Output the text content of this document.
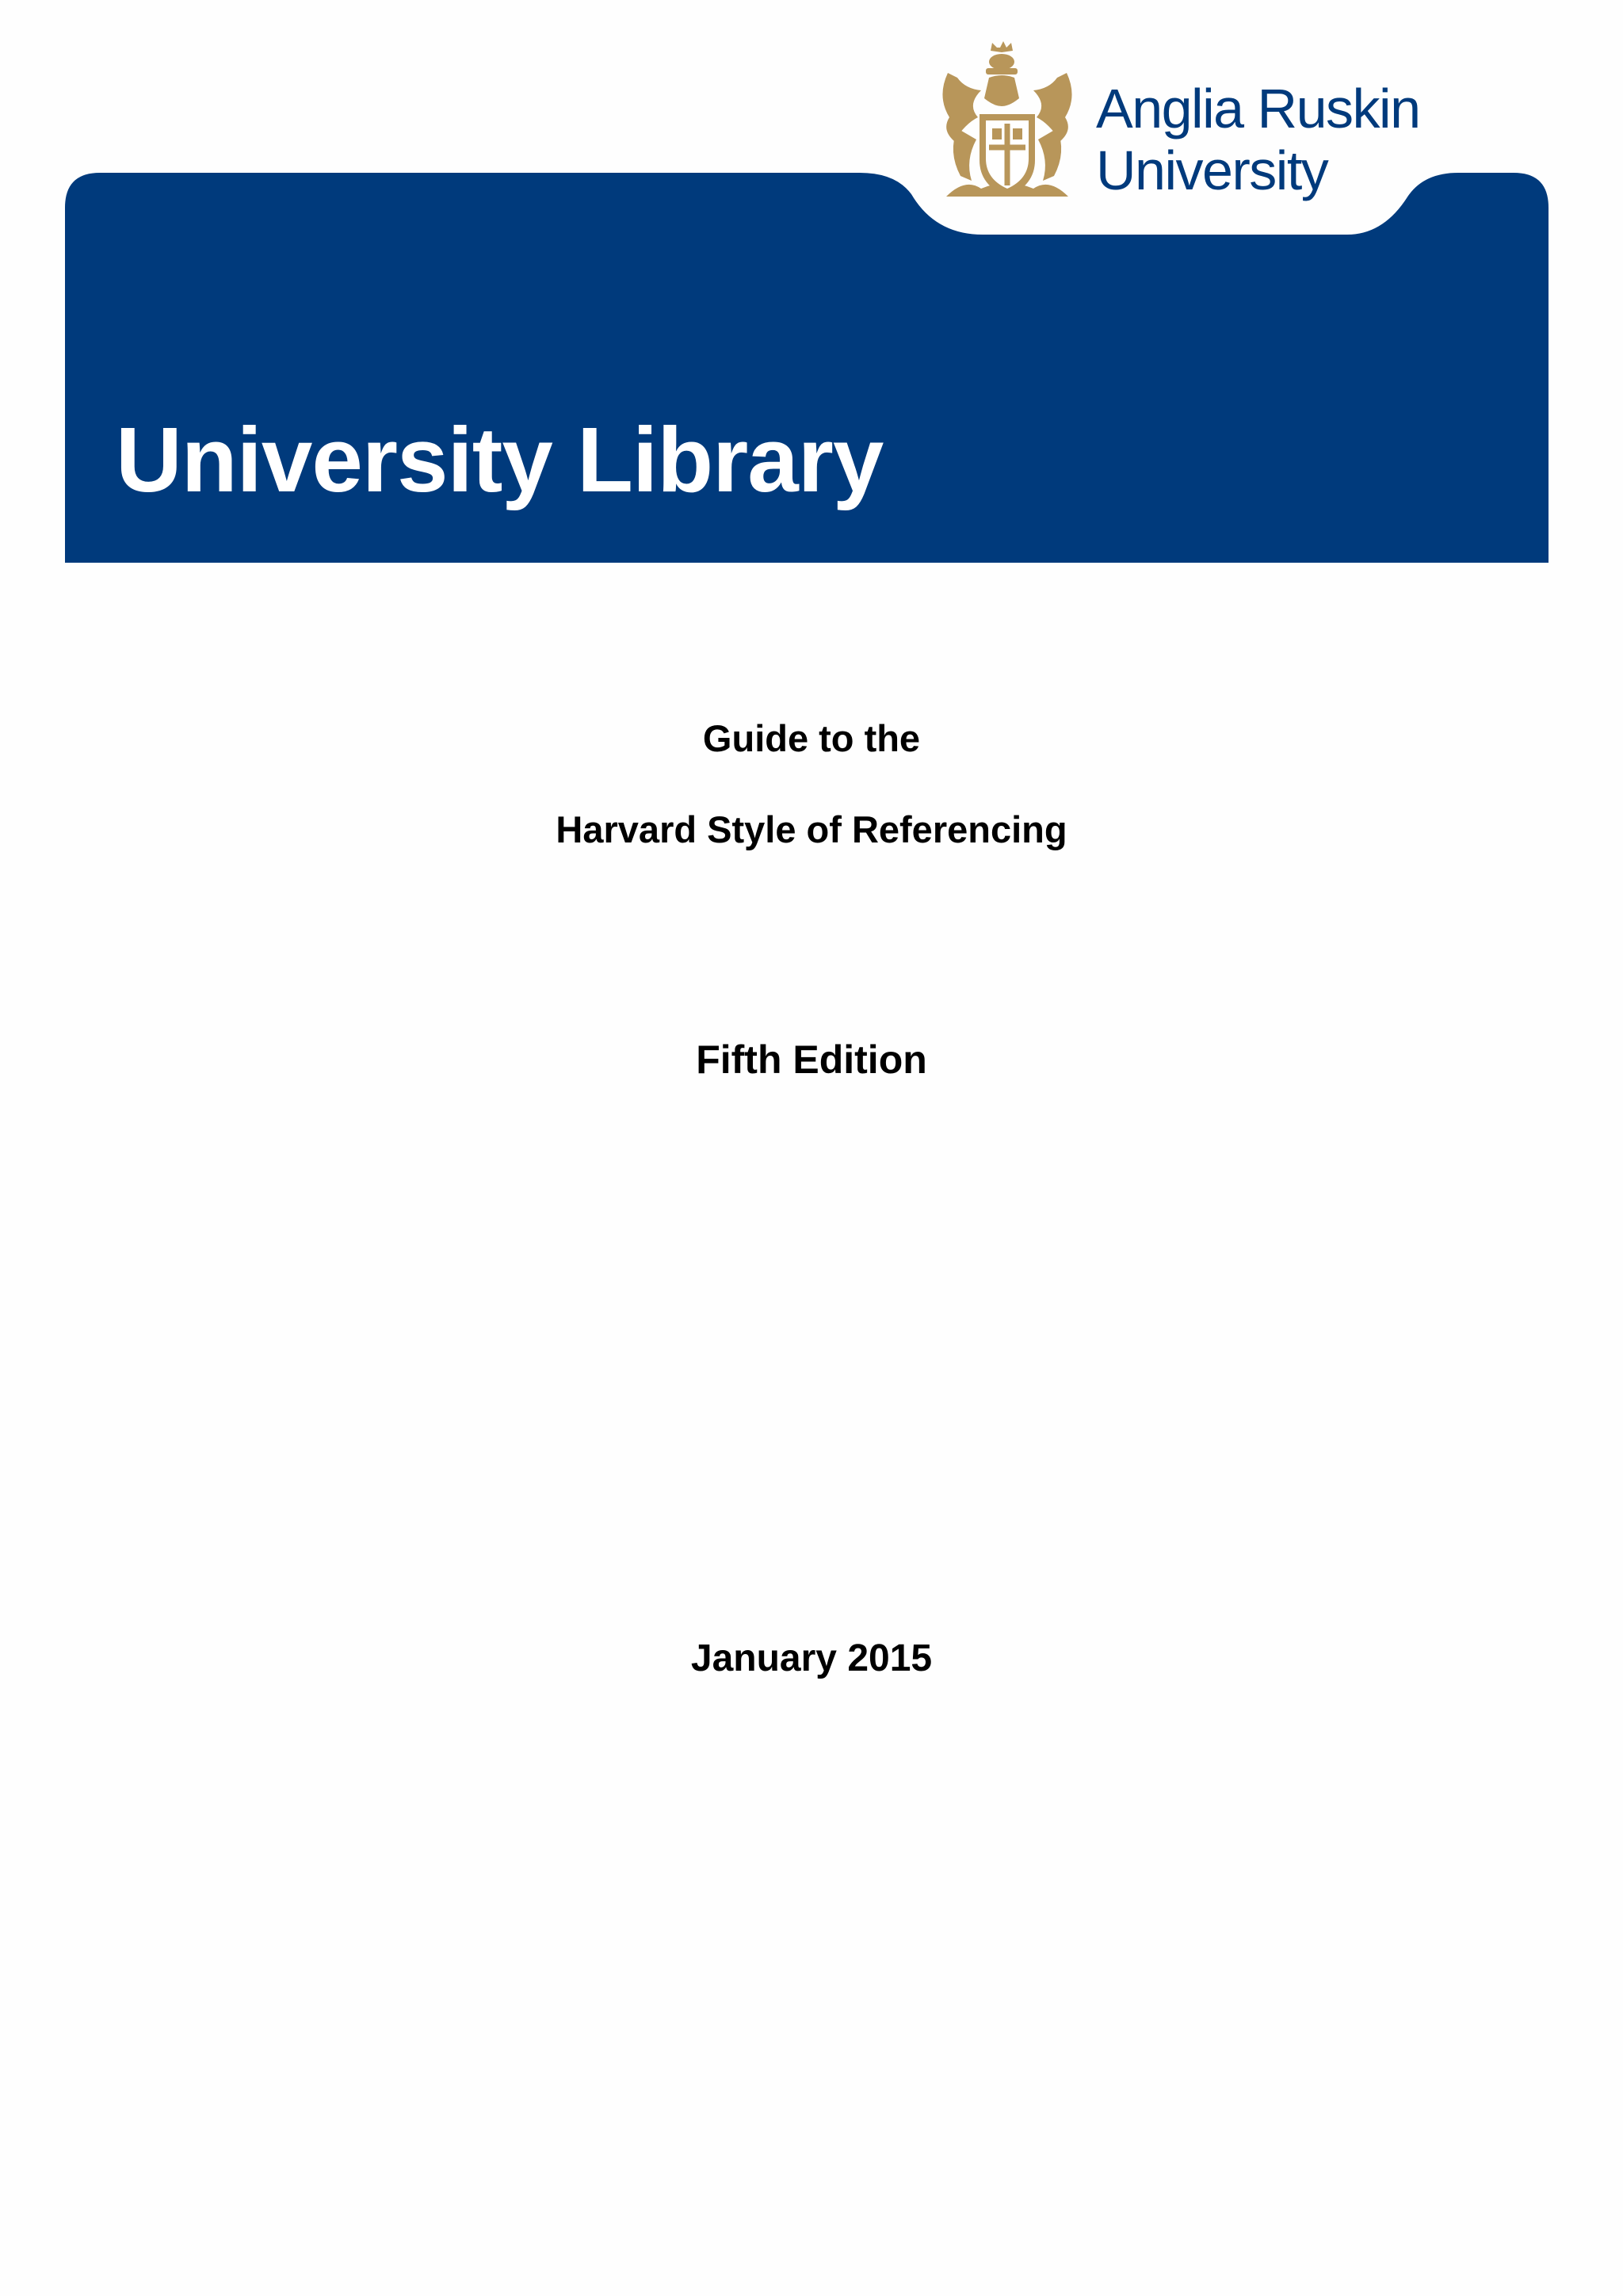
University Library
Anglia Ruskin
University
Guide to the
Harvard Style of Referencing
Fifth Edition
January 2015
